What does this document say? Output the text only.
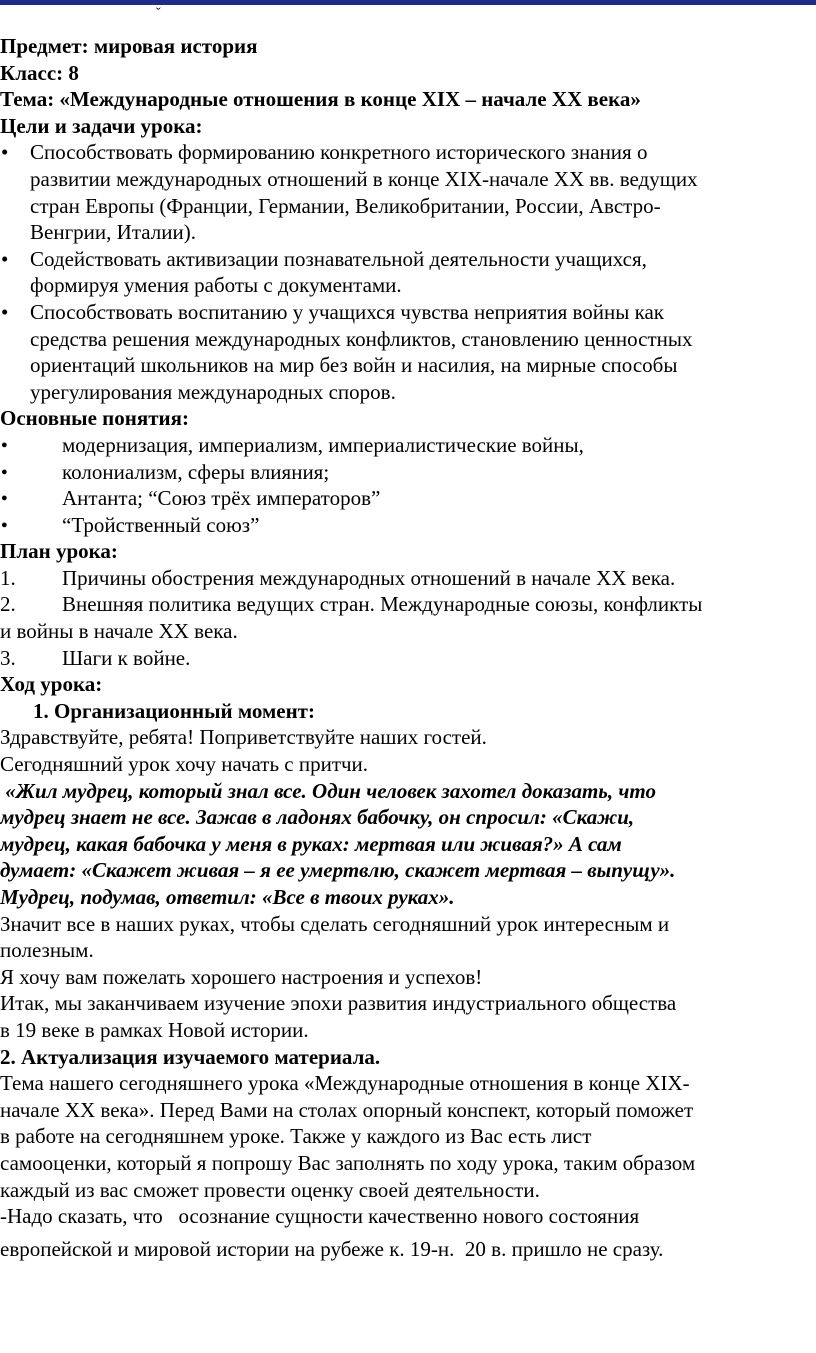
ˇ
Предмет: мировая история
Класс: 8
Тема: «Международные отношения в конце XIX – начале XX века»
Цели и задачи урока:
• Способствовать формированию конкретного исторического знания о
развитии международных отношений в конце XIX-начале XX вв. ведущих
стран Европы (Франции, Германии, Великобритании, России, Австро-
Венгрии, Италии).
• Содействовать активизации познавательной деятельности учащихся,
формируя умения работы с документами.
• Способствовать воспитанию у учащихся чувства неприятия войны как
средства решения международных конфликтов, становлению ценностных
ориентаций школьников на мир без войн и насилия, на мирные способы
урегулирования международных споров.
Основные понятия:
●	модернизация, империализм, империалистические войны,
●	колониализм, сферы влияния;
●	Антанта; “Союз трёх императоров”
●	“Тройственный союз”
План урока:
1. Причины обострения международных отношений в начале XX века.
2. Внешняя политика ведущих стран. Международные союзы, конфликты
и войны в начале XX века.
3. Шаги к войне.
Ход урока:
1. Организационный момент:
Здравствуйте, ребята! Поприветствуйте наших гостей.
Сегодняшний урок хочу начать с притчи.
«Жил мудрец, который знал все. Один человек захотел доказать, что
мудрец знает не все. Зажав в ладонях бабочку, он спросил: «Скажи,
мудрец, какая бабочка у меня в руках: мертвая или живая?» А сам
думает: «Скажет живая – я ее умертвлю, скажет мертвая – выпущу».
Мудрец, подумав, ответил: «Все в твоих руках».
Значит все в наших руках, чтобы сделать сегодняшний урок интересным и
полезным.
Я хочу вам пожелать хорошего настроения и успехов!
Итак, мы заканчиваем изучение эпохи развития индустриального общества
в 19 веке в рамках Новой истории.
2. Актуализация изучаемого материала.
Тема нашего сегодняшнего урока «Международные отношения в конце XIX-
начале XX века». Перед Вами на столах опорный конспект, который поможет
в работе на сегодняшнем уроке. Также у каждого из Вас есть лист
самооценки, который я попрошу Вас заполнять по ходу урока, таким образом
каждый из вас сможет провести оценку своей деятельности.
-Надо сказать, что   осознание сущности качественно нового состояния
европейской и мировой истории на рубеже к. 19-н.  20 в. пришло не сразу.
